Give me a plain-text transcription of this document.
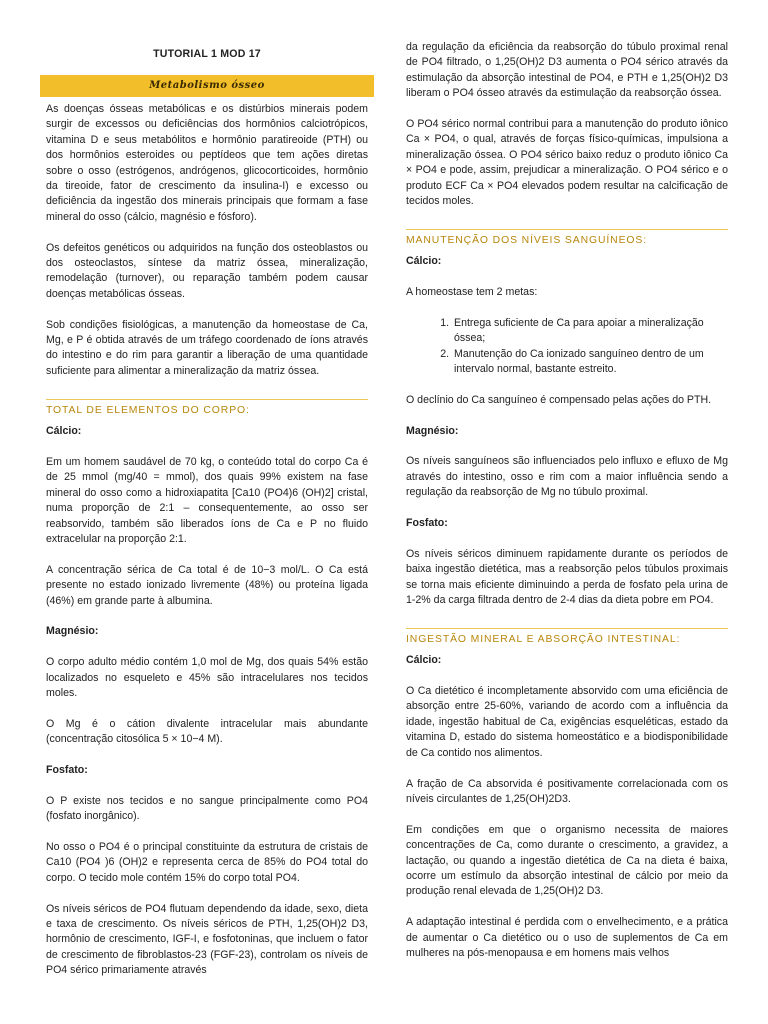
TUTORIAL 1 MOD 17
Metabolismo ósseo

As doenças ósseas metabólicas e os distúrbios minerais podem surgir de excessos ou deficiências dos hormônios calciotrópicos, vitamina D e seus metabólitos e hormônio paratireoide (PTH) ou dos hormônios esteroides ou peptídeos que tem ações diretas sobre o osso (estrógenos, andrógenos, glicocorticoides, hormônio da tireoide, fator de crescimento da insulina-I) e excesso ou deficiência da ingestão dos minerais principais que formam a fase mineral do osso (cálcio, magnésio e fósforo).

Os defeitos genéticos ou adquiridos na função dos osteoblastos ou dos osteoclastos, síntese da matriz óssea, mineralização, remodelação (turnover), ou reparação também podem causar doenças metabólicas ósseas.

Sob condições fisiológicas, a manutenção da homeostase de Ca, Mg, e P é obtida através de um tráfego coordenado de íons através do intestino e do rim para garantir a liberação de uma quantidade suficiente para alimentar a mineralização da matriz óssea.

TOTAL DE ELEMENTOS DO CORPO:

Cálcio:

Em um homem saudável de 70 kg, o conteúdo total do corpo Ca é de 25 mmol (mg/40 = mmol), dos quais 99% existem na fase mineral do osso como a hidroxiapatita [Ca10 (PO4)6 (OH)2] cristal, numa proporção de 2:1 – consequentemente, ao osso ser reabsorvido, também são liberados íons de Ca e P no fluido extracelular na proporção 2:1.

A concentração sérica de Ca total é de 10−3 mol/L. O Ca está presente no estado ionizado livremente (48%) ou proteína ligada (46%) em grande parte à albumina.

Magnésio:

O corpo adulto médio contém 1,0 mol de Mg, dos quais 54% estão localizados no esqueleto e 45% são intracelulares nos tecidos moles.

O Mg é o cátion divalente intracelular mais abundante (concentração citosólica 5 × 10−4 M).

Fosfato:

O P existe nos tecidos e no sangue principalmente como PO4 (fosfato inorgânico).

No osso o PO4 é o principal constituinte da estrutura de cristais de Ca10 (PO4 )6 (OH)2 e representa cerca de 85% do PO4 total do corpo. O tecido mole contém 15% do corpo total PO4.

Os níveis séricos de PO4 flutuam dependendo da idade, sexo, dieta e taxa de crescimento. Os níveis séricos de PTH, 1,25(OH)2 D3, hormônio de crescimento, IGF-I, e fosfotoninas, que incluem o fator de crescimento de fibroblastos-23 (FGF-23), controlam os níveis de PO4 sérico primariamente através

da regulação da eficiência da reabsorção do túbulo proximal renal de PO4 filtrado, o 1,25(OH)2 D3 aumenta o PO4 sérico através da estimulação da absorção intestinal de PO4, e PTH e 1,25(OH)2 D3 liberam o PO4 ósseo através da estimulação da reabsorção óssea.

O PO4 sérico normal contribui para a manutenção do produto iônico Ca × PO4, o qual, através de forças físico-químicas, impulsiona a mineralização óssea. O PO4 sérico baixo reduz o produto iônico Ca × PO4 e pode, assim, prejudicar a mineralização. O PO4 sérico e o produto ECF Ca × PO4 elevados podem resultar na calcificação de tecidos moles.

MANUTENÇÃO DOS NÍVEIS SANGUÍNEOS:

Cálcio:

A homeostase tem 2 metas:

1. Entrega suficiente de Ca para apoiar a mineralização óssea;
2. Manutenção do Ca ionizado sanguíneo dentro de um intervalo normal, bastante estreito.

O declínio do Ca sanguíneo é compensado pelas ações do PTH.

Magnésio:

Os níveis sanguíneos são influenciados pelo influxo e efluxo de Mg através do intestino, osso e rim com a maior influência sendo a regulação da reabsorção de Mg no túbulo proximal.

Fosfato:

Os níveis séricos diminuem rapidamente durante os períodos de baixa ingestão dietética, mas a reabsorção pelos túbulos proximais se torna mais eficiente diminuindo a perda de fosfato pela urina de 1-2% da carga filtrada dentro de 2-4 dias da dieta pobre em PO4.

INGESTÃO MINERAL E ABSORÇÃO INTESTINAL:

Cálcio:

O Ca dietético é incompletamente absorvido com uma eficiência de absorção entre 25-60%, variando de acordo com a influência da idade, ingestão habitual de Ca, exigências esqueléticas, estado da vitamina D, estado do sistema homeostático e a biodisponibilidade de Ca contido nos alimentos.

A fração de Ca absorvida é positivamente correlacionada com os níveis circulantes de 1,25(OH)2D3.

Em condições em que o organismo necessita de maiores concentrações de Ca, como durante o crescimento, a gravidez, a lactação, ou quando a ingestão dietética de Ca na dieta é baixa, ocorre um estímulo da absorção intestinal de cálcio por meio da produção renal elevada de 1,25(OH)2 D3.

A adaptação intestinal é perdida com o envelhecimento, e a prática de aumentar o Ca dietético ou o uso de suplementos de Ca em mulheres na pós-menopausa e em homens mais velhos
